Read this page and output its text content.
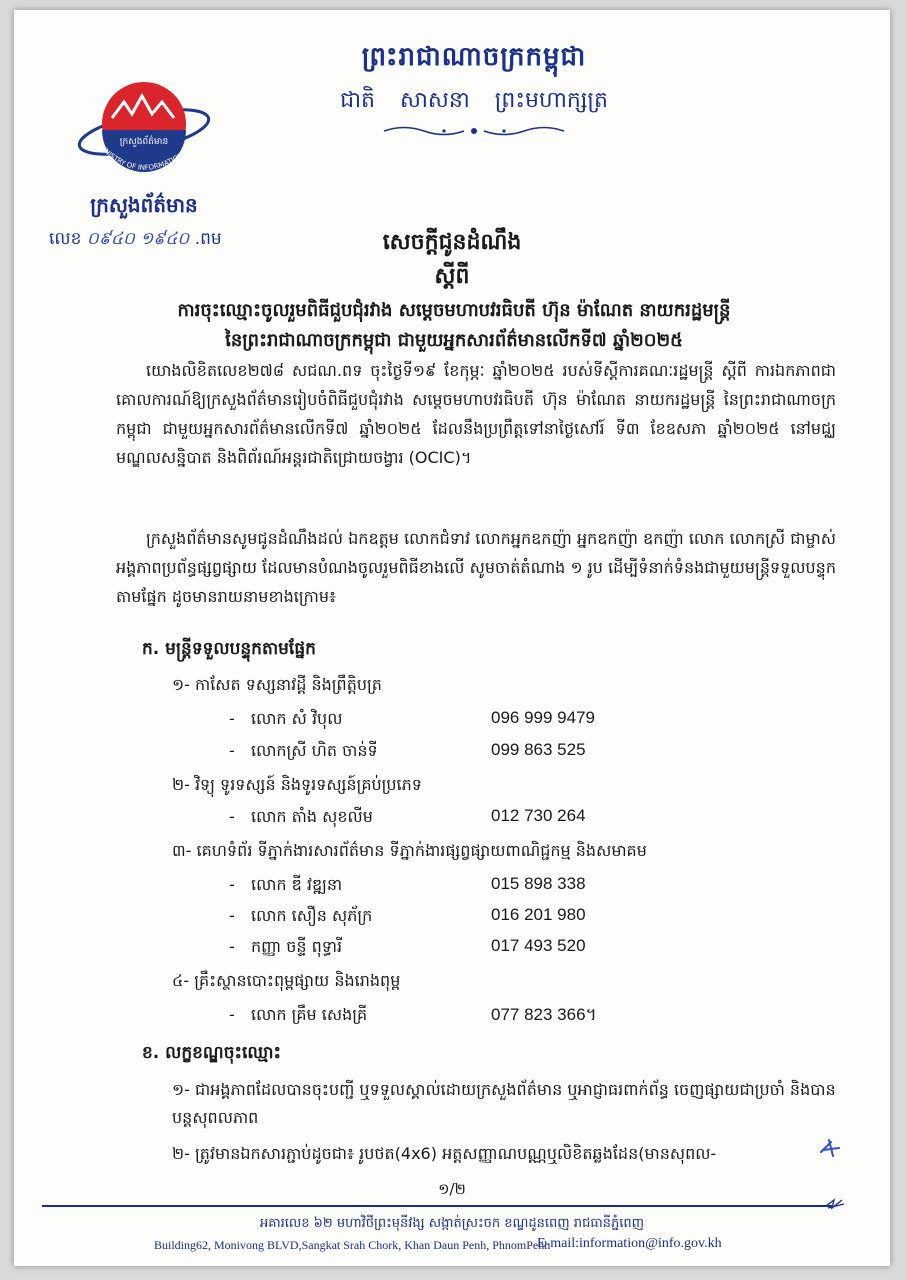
ព្រះរាជាណាចក្រកម្ពុជា
ជាតិ សាសនា ព្រះមហាក្សត្រ
ក្រសួងព័ត៌មាន
MINISTRY OF INFORMATION
ក្រសួងព័ត៌មាន
លេខ ០៩៤០ ១៩៤០ .ពម	សេចក្តីជូនដំណឹង
ស្តីពី
ការចុះឈ្មោះចូលរួមពិធីជួបជុំរវាង សម្តេចមហាបវរធិបតី ហ៊ុន ម៉ាណែត នាយករដ្ឋមន្ត្រី
នៃព្រះរាជាណាចក្រកម្ពុជា ជាមួយអ្នកសារព័ត៌មានលើកទី៧ ឆ្នាំ២០២៥
យោងលិខិតលេខ២៧៨ សជណ.ពទ ចុះថ្ងៃទី១៩ ខែកុម្ភៈ ឆ្នាំ២០២៥ របស់ទីស្តីការគណៈរដ្ឋមន្ត្រី ស្តីពី ការឯកភាពជាគោលការណ៍ឱ្យក្រសួងព័ត៌មានរៀបចំពិធីជួបជុំរវាង សម្តេចមហាបវរធិបតី ហ៊ុន ម៉ាណែត នាយករដ្ឋមន្ត្រី នៃព្រះរាជាណាចក្រកម្ពុជា ជាមួយអ្នកសារព័ត៌មានលើកទី៧ ឆ្នាំ២០២៥ ដែលនឹងប្រព្រឹត្តទៅនាថ្ងៃសៅរ៍ ទី៣ ខែឧសភា ឆ្នាំ២០២៥ នៅមជ្ឈមណ្ឌលសន្និបាត និងពិព័រណ៍អន្តរជាតិជ្រោយចង្វារ (OCIC)។
ក្រសួងព័ត៌មានសូមជូនដំណឹងដល់ ឯកឧត្តម លោកជំទាវ លោកអ្នកឧកញ៉ា អ្នកឧកញ៉ា ឧកញ៉ា លោក លោកស្រី ជាម្ចាស់អង្គភាពប្រព័ន្ធផ្សព្វផ្សាយ ដែលមានបំណងចូលរួមពិធីខាងលើ សូមចាត់តំណាង ១ រូប ដើម្បីទំនាក់ទំនងជាមួយមន្ត្រីទទួលបន្ទុកតាមផ្នែក ដូចមានរាយនាមខាងក្រោម៖
ក. មន្ត្រីទទួលបន្ទុកតាមផ្នែក
១- កាសែត ទស្សនាវដ្តី និងព្រឹត្តិបត្រ
- លោក សំ វិបុល	096 999 9479
- លោកស្រី ហិត ចាន់ទី	099 863 525
២- វិទ្យុ ទូរទស្សន៍ និងទូរទស្សន៍គ្រប់ប្រភេទ
- លោក តាំង សុខលីម	012 730 264
៣- គេហទំព័រ ទីភ្នាក់ងារសារព័ត៌មាន ទីភ្នាក់ងារផ្សព្វផ្សាយពាណិជ្ជកម្ម និងសមាគម
- លោក ឌី វឌ្ឍនា	015 898 338
- លោក សឿន សុភ័ក្រ	016 201 980
- កញ្ញា ចន្ទី ពុទ្ធារី	017 493 520
៤- គ្រឹះស្ថានបោះពុម្ពផ្សាយ និងរោងពុម្ព
- លោក គ្រឹម សេងគ្រី	077 823 366។
ខ. លក្ខខណ្ឌចុះឈ្មោះ
១- ជាអង្គភាពដែលបានចុះបញ្ជី ឬទទួលស្គាល់ដោយក្រសួងព័ត៌មាន ឬអាជ្ញាធរពាក់ព័ន្ធ ចេញផ្សាយជាប្រចាំ និងបានបន្តសុពលភាព
២- ត្រូវមានឯកសារភ្ជាប់ដូចជា៖ រូបថត(4x6) អត្តសញ្ញាណបណ្ណឬលិខិតឆ្លងដែន(មានសុពល-
១/២
អគារលេខ ៦២ មហាវិថីព្រះមុនីវង្ស សង្កាត់ស្រះចក ខណ្ឌដូនពេញ រាជធានីភ្នំពេញ
Building62, Monivong BLVD,Sangkat Srah Chork, Khan Daun Penh, PhnomPenh
E-mail:information@info.gov.kh
